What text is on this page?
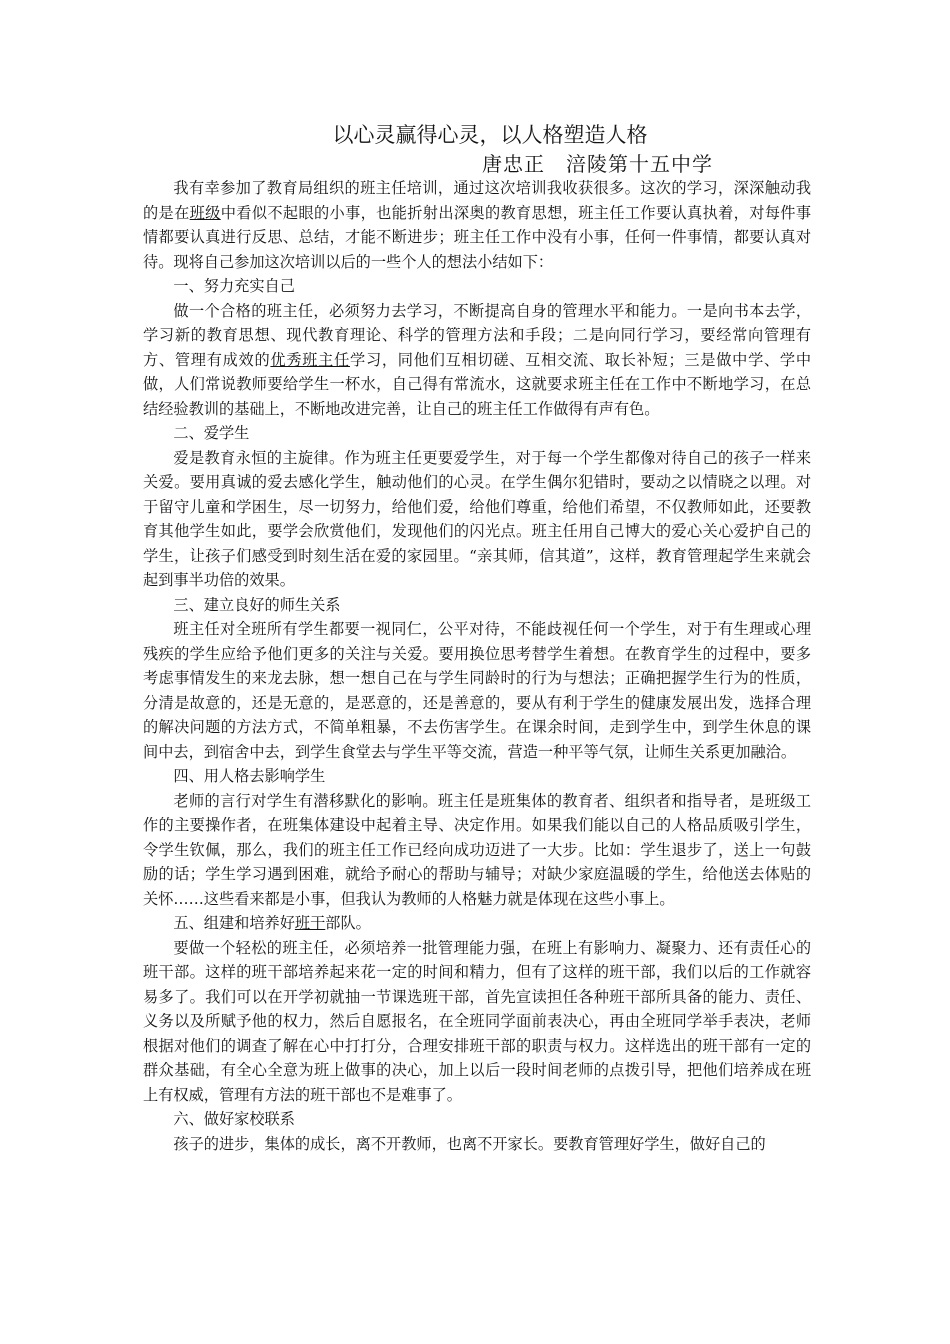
以心灵赢得心灵，以人格塑造人格
唐忠正　涪陵第十五中学

我有幸参加了教育局组织的班主任培训，通过这次培训我收获很多。这次的学习，深深触动我的是在班级中看似不起眼的小事，也能折射出深奥的教育思想，班主任工作要认真执着，对每件事情都要认真进行反思、总结，才能不断进步；班主任工作中没有小事，任何一件事情，都要认真对待。现将自己参加这次培训以后的一些个人的想法小结如下：

一、努力充实自己

做一个合格的班主任，必须努力去学习，不断提高自身的管理水平和能力。一是向书本去学，学习新的教育思想、现代教育理论、科学的管理方法和手段；二是向同行学习，要经常向管理有方、管理有成效的优秀班主任学习，同他们互相切磋、互相交流、取长补短；三是做中学、学中做，人们常说教师要给学生一杯水，自己得有常流水，这就要求班主任在工作中不断地学习，在总结经验教训的基础上，不断地改进完善，让自己的班主任工作做得有声有色。

二、爱学生

爱是教育永恒的主旋律。作为班主任更要爱学生，对于每一个学生都像对待自己的孩子一样来关爱。要用真诚的爱去感化学生，触动他们的心灵。在学生偶尔犯错时，要动之以情晓之以理。对于留守儿童和学困生，尽一切努力，给他们爱，给他们尊重，给他们希望，不仅教师如此，还要教育其他学生如此，要学会欣赏他们，发现他们的闪光点。班主任用自己博大的爱心关心爱护自己的学生，让孩子们感受到时刻生活在爱的家园里。“亲其师，信其道”，这样，教育管理起学生来就会起到事半功倍的效果。

三、建立良好的师生关系

班主任对全班所有学生都要一视同仁，公平对待，不能歧视任何一个学生，对于有生理或心理残疾的学生应给予他们更多的关注与关爱。要用换位思考替学生着想。在教育学生的过程中，要多考虑事情发生的来龙去脉，想一想自己在与学生同龄时的行为与想法；正确把握学生行为的性质，分清是故意的，还是无意的，是恶意的，还是善意的，要从有利于学生的健康发展出发，选择合理的解决问题的方法方式，不简单粗暴，不去伤害学生。在课余时间，走到学生中，到学生休息的课间中去，到宿舍中去，到学生食堂去与学生平等交流，营造一种平等气氛，让师生关系更加融洽。

四、用人格去影响学生

老师的言行对学生有潜移默化的影响。班主任是班集体的教育者、组织者和指导者，是班级工作的主要操作者，在班集体建设中起着主导、决定作用。如果我们能以自己的人格品质吸引学生，令学生钦佩，那么，我们的班主任工作已经向成功迈进了一大步。比如：学生退步了，送上一句鼓励的话；学生学习遇到困难，就给予耐心的帮助与辅导；对缺少家庭温暖的学生，给他送去体贴的关怀……这些看来都是小事，但我认为教师的人格魅力就是体现在这些小事上。

五、组建和培养好班干部队。

要做一个轻松的班主任，必须培养一批管理能力强，在班上有影响力、凝聚力、还有责任心的班干部。这样的班干部培养起来花一定的时间和精力，但有了这样的班干部，我们以后的工作就容易多了。我们可以在开学初就抽一节课选班干部，首先宣读担任各种班干部所具备的能力、责任、义务以及所赋予他的权力，然后自愿报名，在全班同学面前表决心，再由全班同学举手表决，老师根据对他们的调查了解在心中打打分，合理安排班干部的职责与权力。这样选出的班干部有一定的群众基础，有全心全意为班上做事的决心，加上以后一段时间老师的点拨引导，把他们培养成在班上有权威，管理有方法的班干部也不是难事了。

六、做好家校联系

孩子的进步，集体的成长，离不开教师，也离不开家长。要教育管理好学生，做好自己的
